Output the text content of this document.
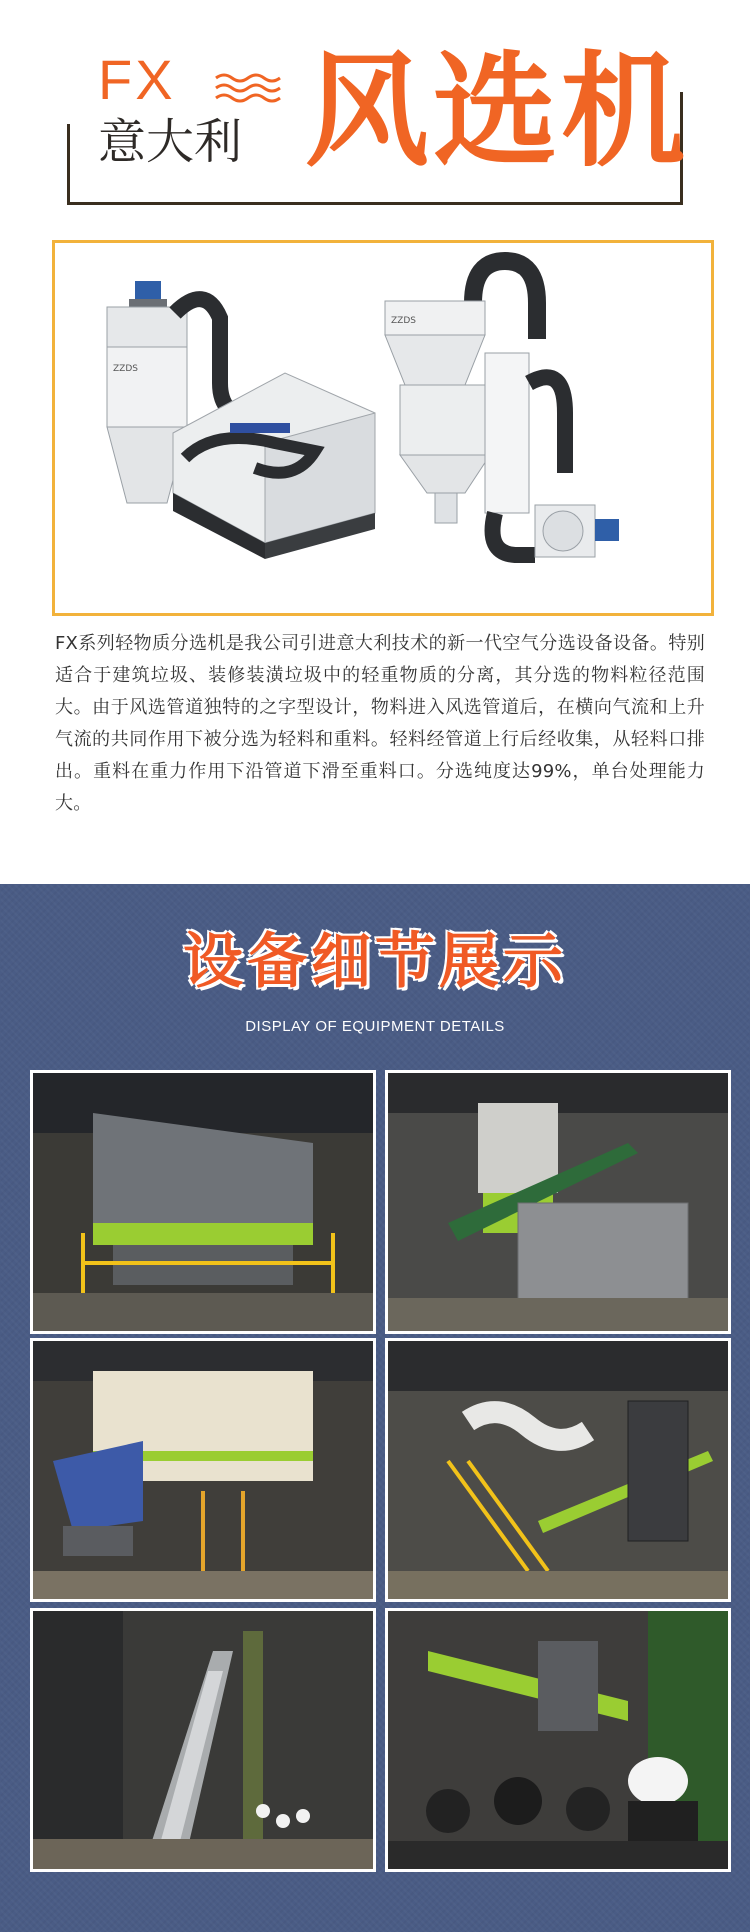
FX
意大利 风选机
ZZDS
ZZDS

FX系列轻物质分选机是我公司引进意大利技术的新一代空气分选设备设备。特别适合于建筑垃圾、装修装潢垃圾中的轻重物质的分离，其分选的物料粒径范围大。由于风选管道独特的之字型设计，物料进入风选管道后，在横向气流和上升气流的共同作用下被分选为轻料和重料。轻料经管道上行后经收集，从轻料口排出。重料在重力作用下沿管道下滑至重料口。分选纯度达99%，单台处理能力大。

设备细节展示
DISPLAY OF EQUIPMENT DETAILS
